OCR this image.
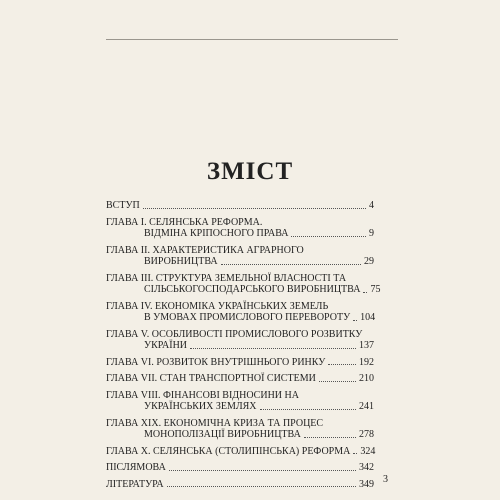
ЗМІСТ
ВСТУП	4
ГЛАВА І. СЕЛЯНСЬКА РЕФОРМА.
ВІДМІНА КРІПОСНОГО ПРАВА	9
ГЛАВА ІІ. ХАРАКТЕРИСТИКА АГРАРНОГО
ВИРОБНИЦТВА	29
ГЛАВА ІІІ. СТРУКТУРА ЗЕМЕЛЬНОЇ ВЛАСНОСТІ ТА
СІЛЬСЬКОГОСПОДАРСЬКОГО ВИРОБНИЦТВА 75
ГЛАВА IV. ЕКОНОМІКА УКРАЇНСЬКИХ ЗЕМЕЛЬ
В УМОВАХ ПРОМИСЛОВОГО ПЕРЕВОРОТУ 104
ГЛАВА V. ОСОБЛИВОСТІ ПРОМИСЛОВОГО РОЗВИТКУ
УКРАЇНИ	137
ГЛАВА VI. РОЗВИТОК ВНУТРІШНЬОГО РИНКУ	192
ГЛАВА VII. СТАН ТРАНСПОРТНОЇ СИСТЕМИ	210
ГЛАВА VIII. ФІНАНСОВІ ВІДНОСИНИ НА
УКРАЇНСЬКИХ ЗЕМЛЯХ	241
ГЛАВА ХІХ. ЕКОНОМІЧНА КРИЗА ТА ПРОЦЕС
МОНОПОЛІЗАЦІЇ ВИРОБНИЦТВА	278
ГЛАВА Х. СЕЛЯНСЬКА (СТОЛИПІНСЬКА) РЕФОРМА 324
ПІСЛЯМОВА	342
ЛІТЕРАТУРА	349 3
